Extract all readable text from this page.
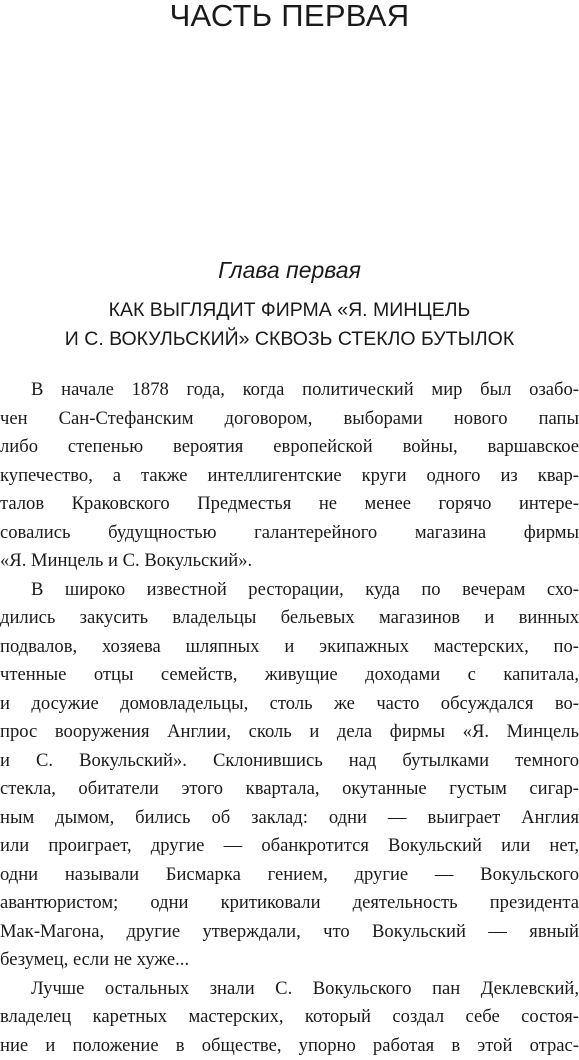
ЧАСТЬ ПЕРВАЯ
Глава первая
КАК ВЫГЛЯДИТ ФИРМА «Я. МИНЦЕЛЬ
И С. ВОКУЛЬСКИЙ» СКВОЗЬ СТЕКЛО БУТЫЛОК
В начале 1878 года, когда политический мир был озабо-
чен Сан-Стефанским договором, выборами нового папы
либо степенью вероятия европейской войны, варшавское
купечество, а также интеллигентские круги одного из квар-
талов Краковского Предместья не менее горячо интере-
совались будущностью галантерейного магазина фирмы
«Я. Минцель и С. Вокульский».
В широко известной ресторации, куда по вечерам схо-
дились закусить владельцы бельевых магазинов и винных
подвалов, хозяева шляпных и экипажных мастерских, по-
чтенные отцы семейств, живущие доходами с капитала,
и досужие домовладельцы, столь же часто обсуждался во-
прос вооружения Англии, сколь и дела фирмы «Я. Минцель
и С. Вокульский». Склонившись над бутылками темного
стекла, обитатели этого квартала, окутанные густым сигар-
ным дымом, бились об заклад: одни — выиграет Англия
или проиграет, другие — обанкротится Вокульский или нет,
одни называли Бисмарка гением, другие — Вокульского
авантюристом; одни критиковали деятельность президента
Мак-Магона, другие утверждали, что Вокульский — явный
безумец, если не хуже...
Лучше остальных знали С. Вокульского пан Деклевский,
владелец каретных мастерских, который создал себе состоя-
ние и положение в обществе, упорно работая в этой отрас-
